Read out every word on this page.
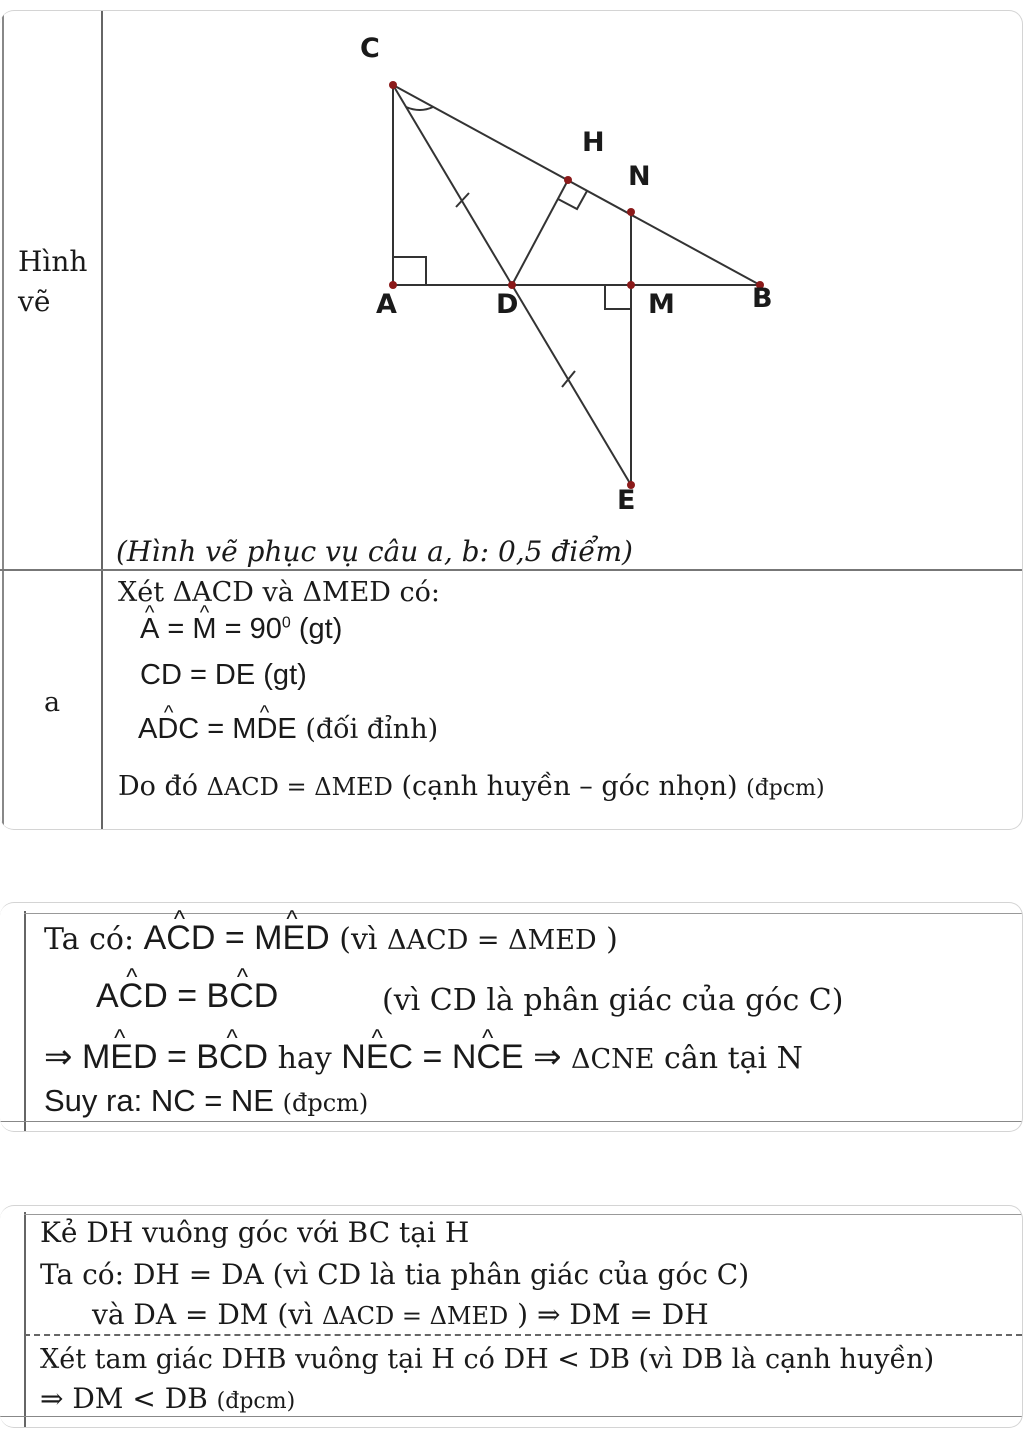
Hình
vẽ
C
H
N
A	D	M	B
E
(Hình vẽ phục vụ câu a, b: 0,5 điểm)
a
Xét ΔACD và ΔMED có:
^ A = ^ $M = 90^0$ (gt)
CD = DE (gt)
^ ADC = ^ MDE (đối đỉnh)
Do đó ΔACD = ΔMED (cạnh huyền – góc nhọn) (đpcm)
Ta có: ^ ACD = ^ MED (vì ΔACD = ΔMED )
^ ACD = ^ BCD	(vì CD là phân giác của góc C)
⇒ ^ MED = ^ BCD hay ^ NEC = ^ NCE ⇒ ΔCNE cân tại N
Suy ra: NC = NE (đpcm)
Kẻ DH vuông góc với BC tại H
Ta có: DH = DA (vì CD là tia phân giác của góc C)
và DA = DM (vì ΔACD = ΔMED ) ⇒ DM = DH
Xét tam giác DHB vuông tại H có DH < DB (vì DB là cạnh huyền)
⇒ DM < DB (đpcm)
